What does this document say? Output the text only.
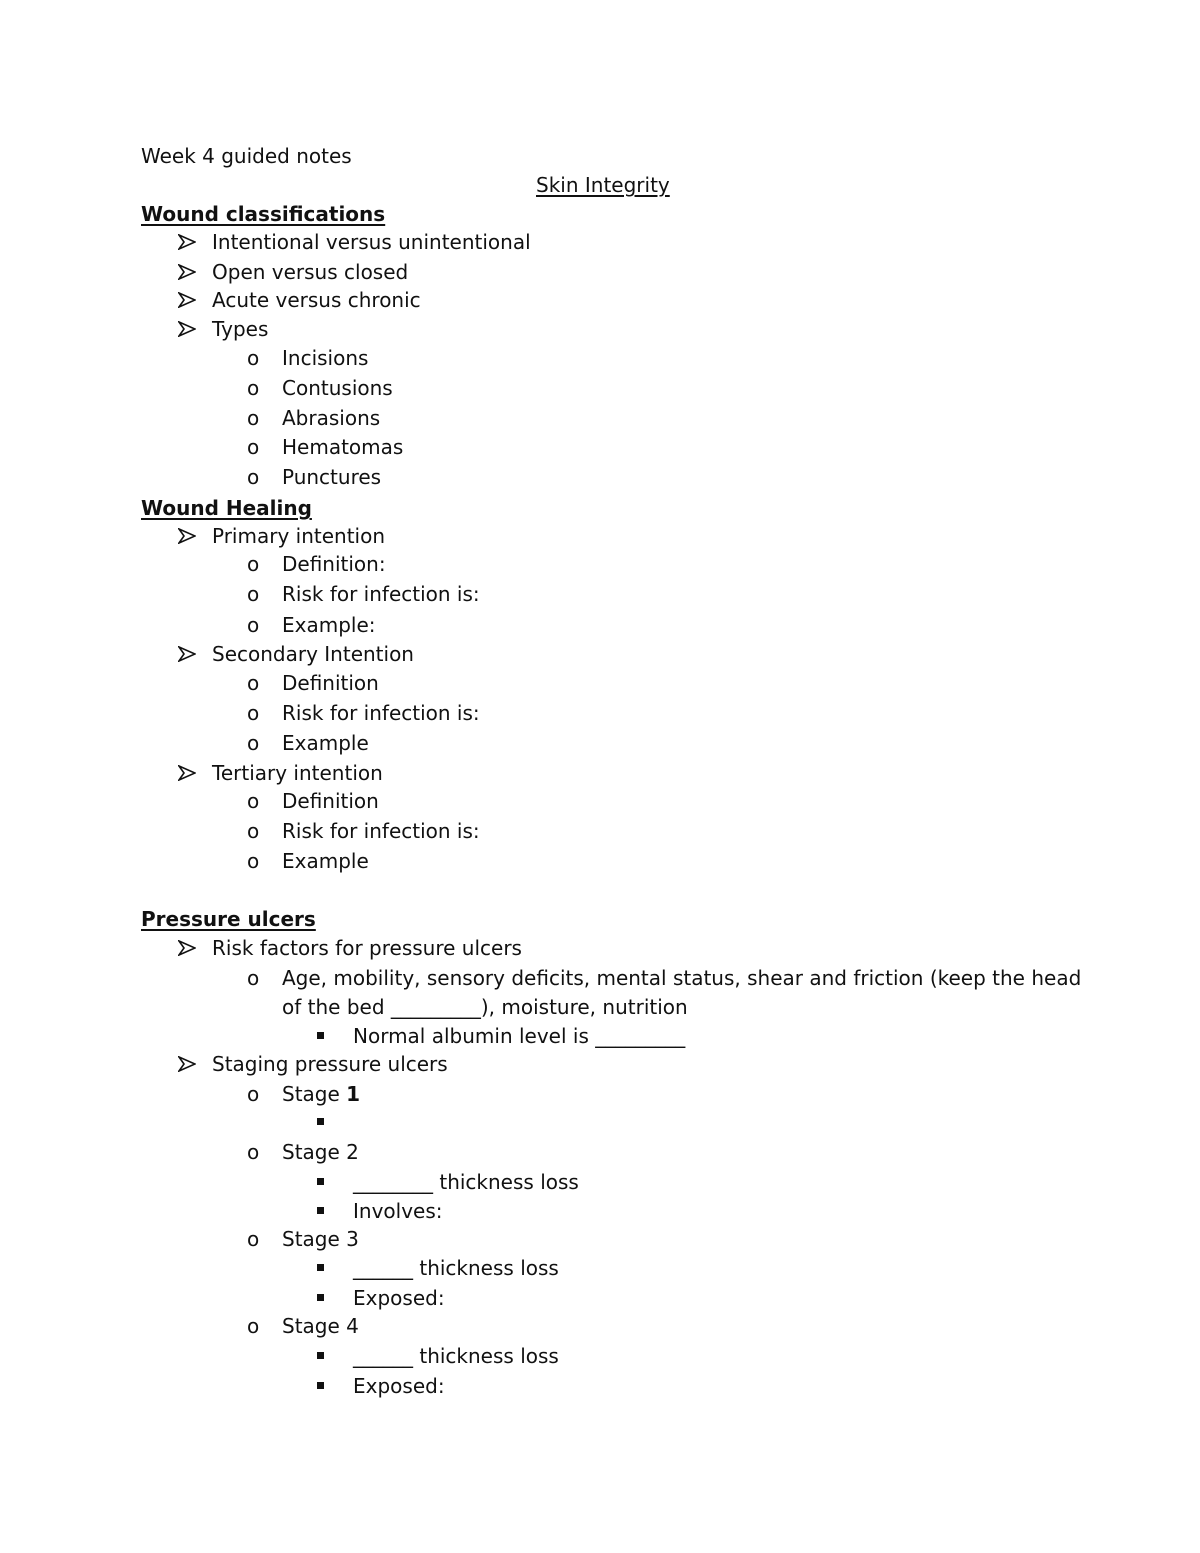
Week 4 guided notes
Skin Integrity
Wound classifications
Intentional versus unintentional
Open versus closed
Acute versus chronic
Types
o Incisions
o Contusions
o Abrasions
o Hematomas
o Punctures
Wound Healing
Primary intention
o Definition:
o Risk for infection is:
o Example:
Secondary Intention
o Definition
o Risk for infection is:
o Example
Tertiary intention
o Definition
o Risk for infection is:
o Example
Pressure ulcers
Risk factors for pressure ulcers
o Age, mobility, sensory deficits, mental status, shear and friction (keep the head
of the bed _________), moisture, nutrition
Normal albumin level is _________
Staging pressure ulcers
o Stage 1
o Stage 2
________ thickness loss
Involves:
o Stage 3
______ thickness loss
Exposed:
o Stage 4
______ thickness loss
Exposed:
